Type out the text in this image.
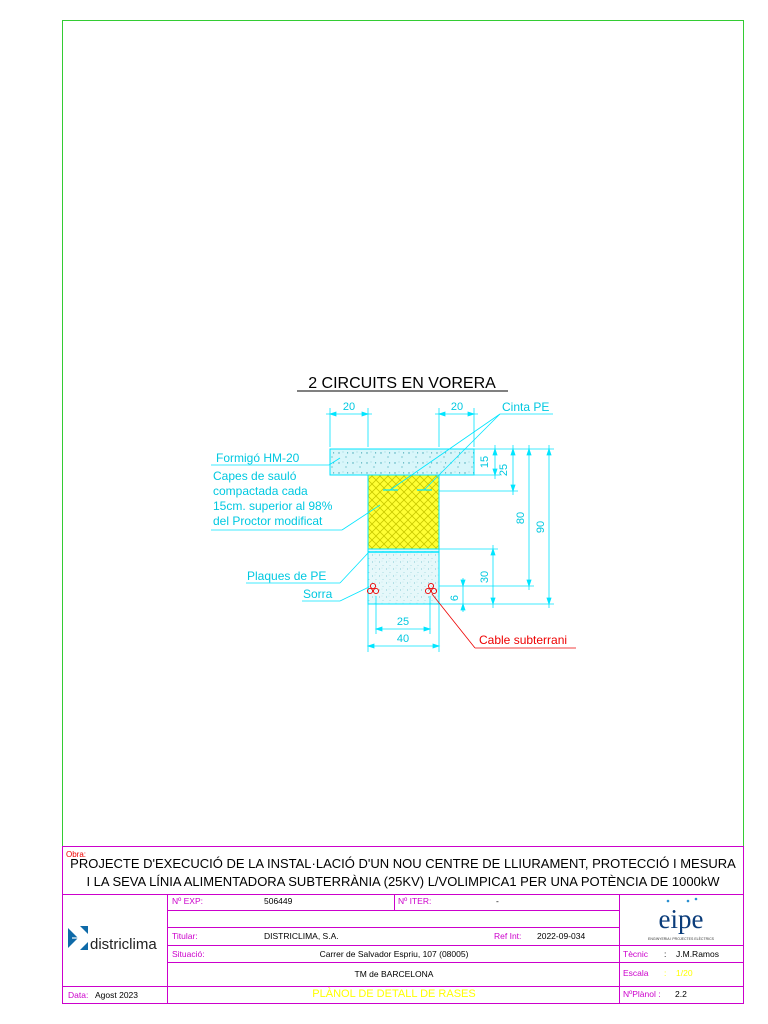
2 CIRCUITS EN VORERA
20	20
15
25
80
90
30
6
25
40
Cinta PE
Formigó HM-20
Capes de sauló
compactada cada
15cm. superior al 98%
del Proctor modificat
Plaques de PE
Sorra
Cable subterrani
Obra:
PROJECTE D'EXECUCIÓ DE LA INSTAL·LACIÓ D'UN NOU CENTRE DE LLIURAMENT, PROTECCIÓ I MESURA
I LA SEVA LÍNIA ALIMENTADORA SUBTERRÀNIA (25KV) L/VOLIMPICA1 PER UNA POTÈNCIA DE 1000kW
Nº EXP:	506449	Nº ITER:	-
Titular:	DISTRICLIMA, S.A.	Ref Int: 2022-09-034
Situació:	Carrer de Salvador Espriu, 107 (08005)
TM de BARCELONA
Data: Agost 2023	PLÀNOL DE DETALL DE RASES
Tècnic : J.M.Ramos
Escala : 1/20
NºPlànol : 2.2
districlima
eipe
ENGINYERIA I PROJECTES ELÈCTRICS
